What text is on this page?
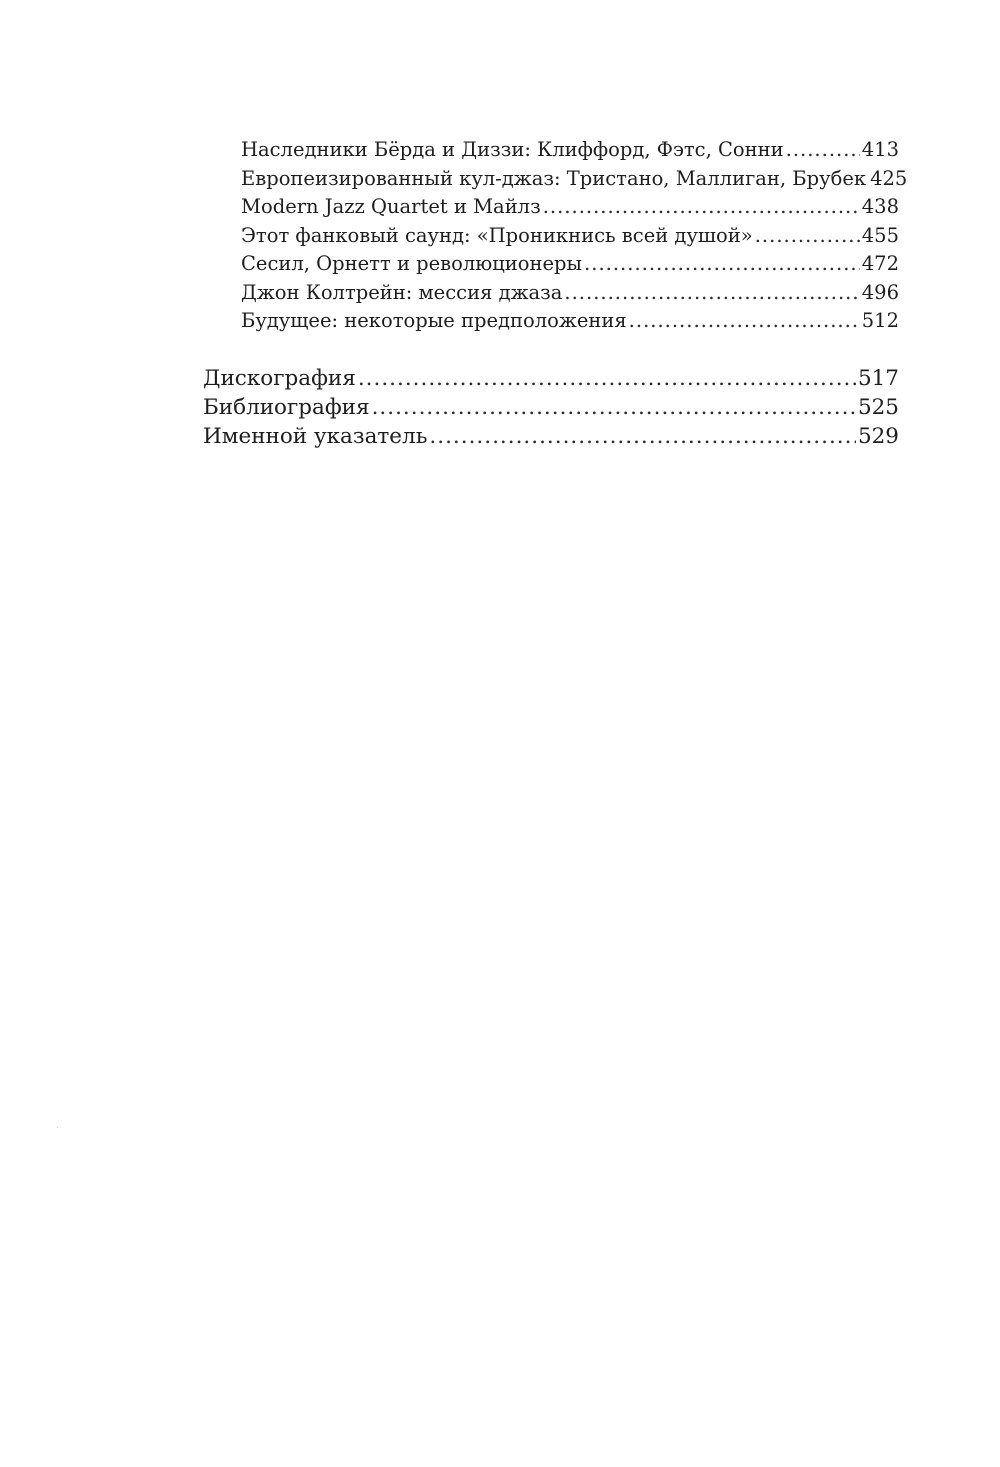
Наследники Бёрда и Диззи: Клиффорд, Фэтс, Сонни .....	413
Европеизированный кул-джаз: Тристано, Маллиган, Брубек 425
Modern Jazz Quartet и Майлз .....	438
Этот фанковый саунд: «Проникнись всей душой» .....	455
Сесил, Орнетт и революционеры .....	472
Джон Колтрейн: мессия джаза .....	496
Будущее: некоторые предположения .....	512
Дискография .....	517
Библиография .....	525
Именной указатель .....	529
